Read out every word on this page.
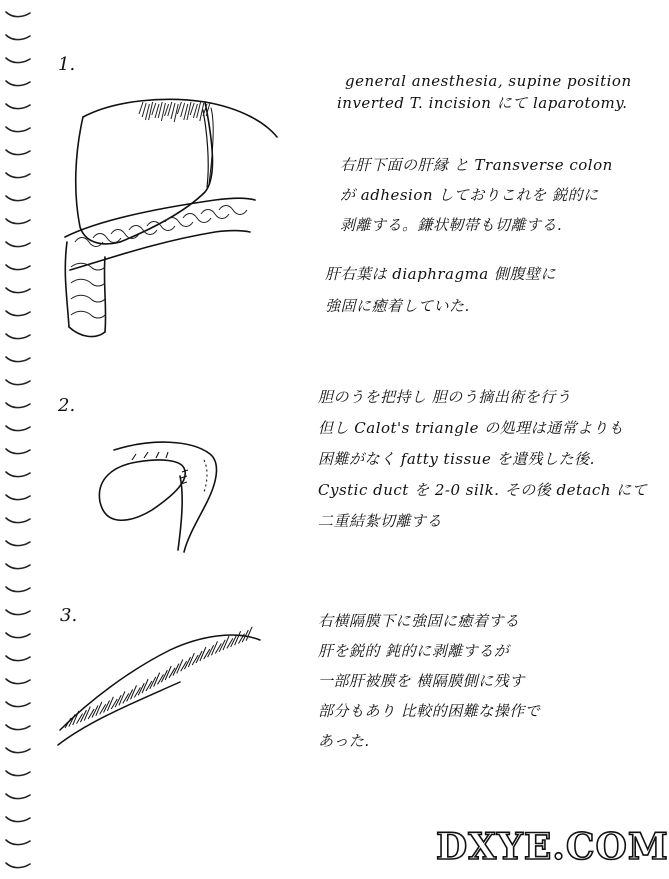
1.
general anesthesia, supine position
inverted T. incision にて laparotomy.
右肝下面の肝縁 と Transverse colon
が adhesion しておりこれを 鋭的に
剥離する。鎌状靭帯も切離する.
肝右葉は diaphragma 側腹壁に
強固に癒着していた.
2.	胆のうを把持し 胆のう摘出術を行う
但し Calot's triangle の処理は通常よりも
困難がなく fatty tissue を遺残した後.
Cystic duct を 2-0 silk. その後 detach にて
二重結紮切離する
3.	右横隔膜下に強固に癒着する
肝を鋭的 鈍的に剥離するが
一部肝被膜を 横隔膜側に残す
部分もあり 比較的困難な操作で
あった.
DXYE.COM
